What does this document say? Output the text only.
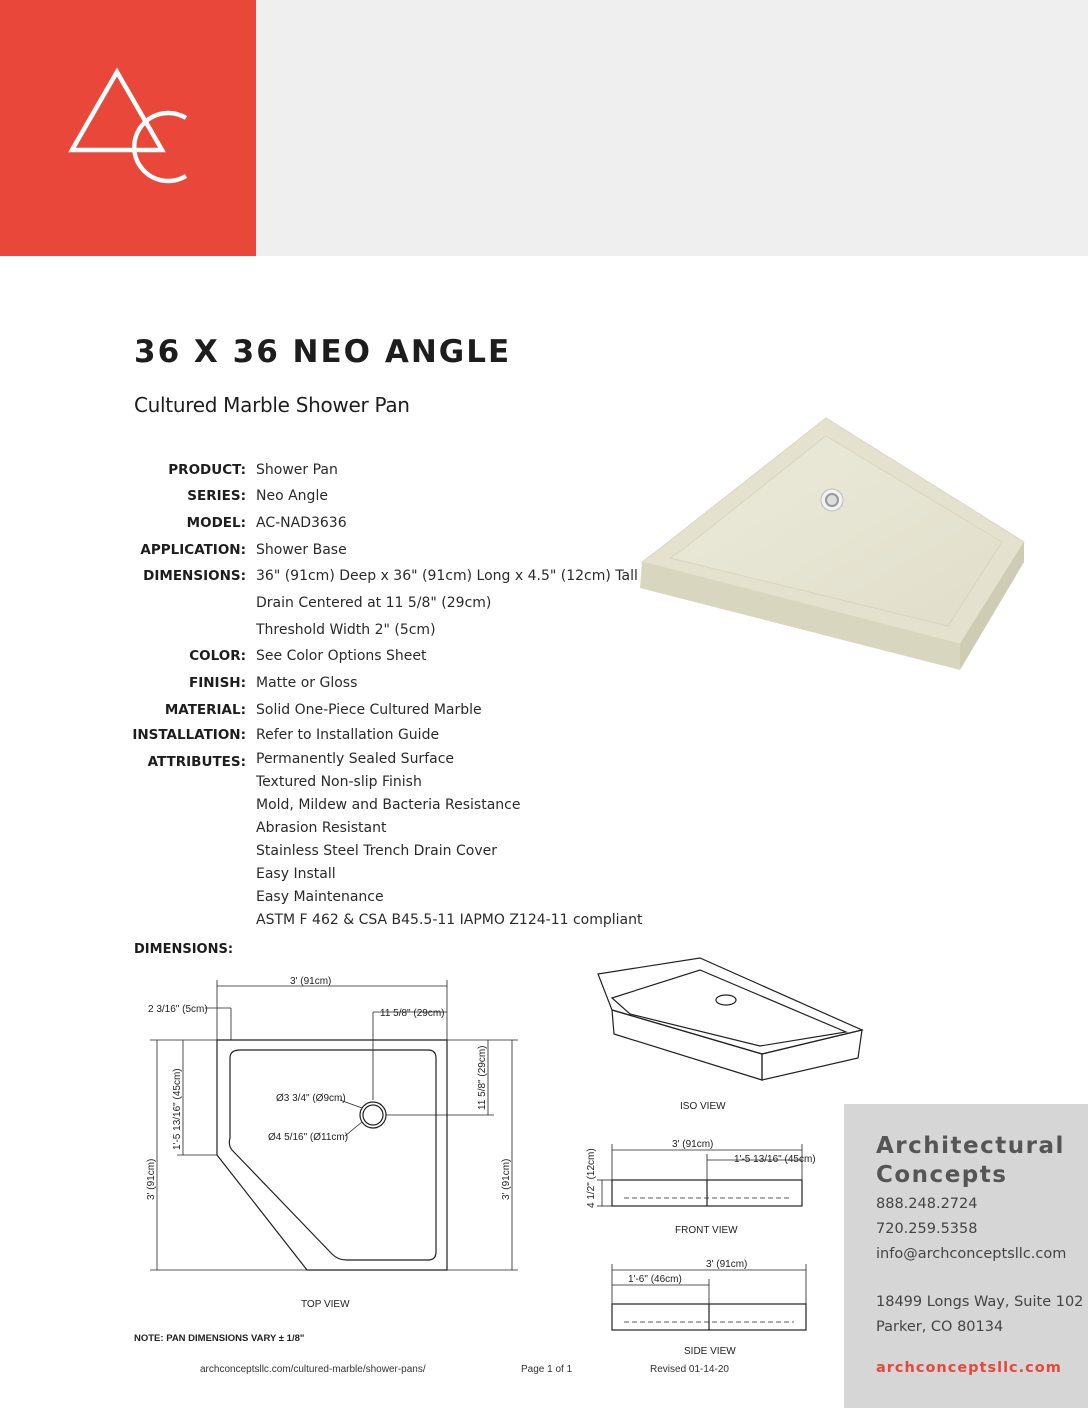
36 X 36 NEO ANGLE
Cultured Marble Shower Pan
PRODUCT: Shower Pan
SERIES: Neo Angle
MODEL: AC-NAD3636
APPLICATION: Shower Base
DIMENSIONS: 36" (91cm) Deep x 36" (91cm) Long x 4.5" (12cm) Tall
Drain Centered at 11 5/8" (29cm)
Threshold Width 2" (5cm)
COLOR: See Color Options Sheet
FINISH: Matte or Gloss
MATERIAL: Solid One-Piece Cultured Marble
INSTALLATION: Refer to Installation Guide
ATTRIBUTES: Permanently Sealed Surface
Textured Non-slip Finish
Mold, Mildew and Bacteria Resistance
Abrasion Resistant
Stainless Steel Trench Drain Cover
Easy Install
Easy Maintenance
ASTM F 462 & CSA B45.5-11 IAPMO Z124-11 compliant
DIMENSIONS:
3' (91cm)
2 3/16" (5cm)	11 5/8" (29cm)
Ø3 3/4" (Ø9cm)
Ø4 5/16" (Ø11cm)
1'-5 13/16" (45cm)
3' (91cm)	3' (91cm)
11 5/8" (29cm)
TOP VIEW
ISO VIEW
3' (91cm)
1'-5 13/16" (45cm)
4 1/2" (12cm)
FRONT VIEW
3' (91cm)
1'-6" (46cm)
SIDE VIEW
Architectural
Concepts
888.248.2724
720.259.5358
info@archconceptsllc.com
18499 Longs Way, Suite 102
Parker, CO 80134
archconceptsllc.com
NOTE: PAN DIMENSIONS VARY ± 1/8"
archconceptsllc.com/cultured-marble/shower-pans/	Page 1 of 1	Revised 01-14-20
